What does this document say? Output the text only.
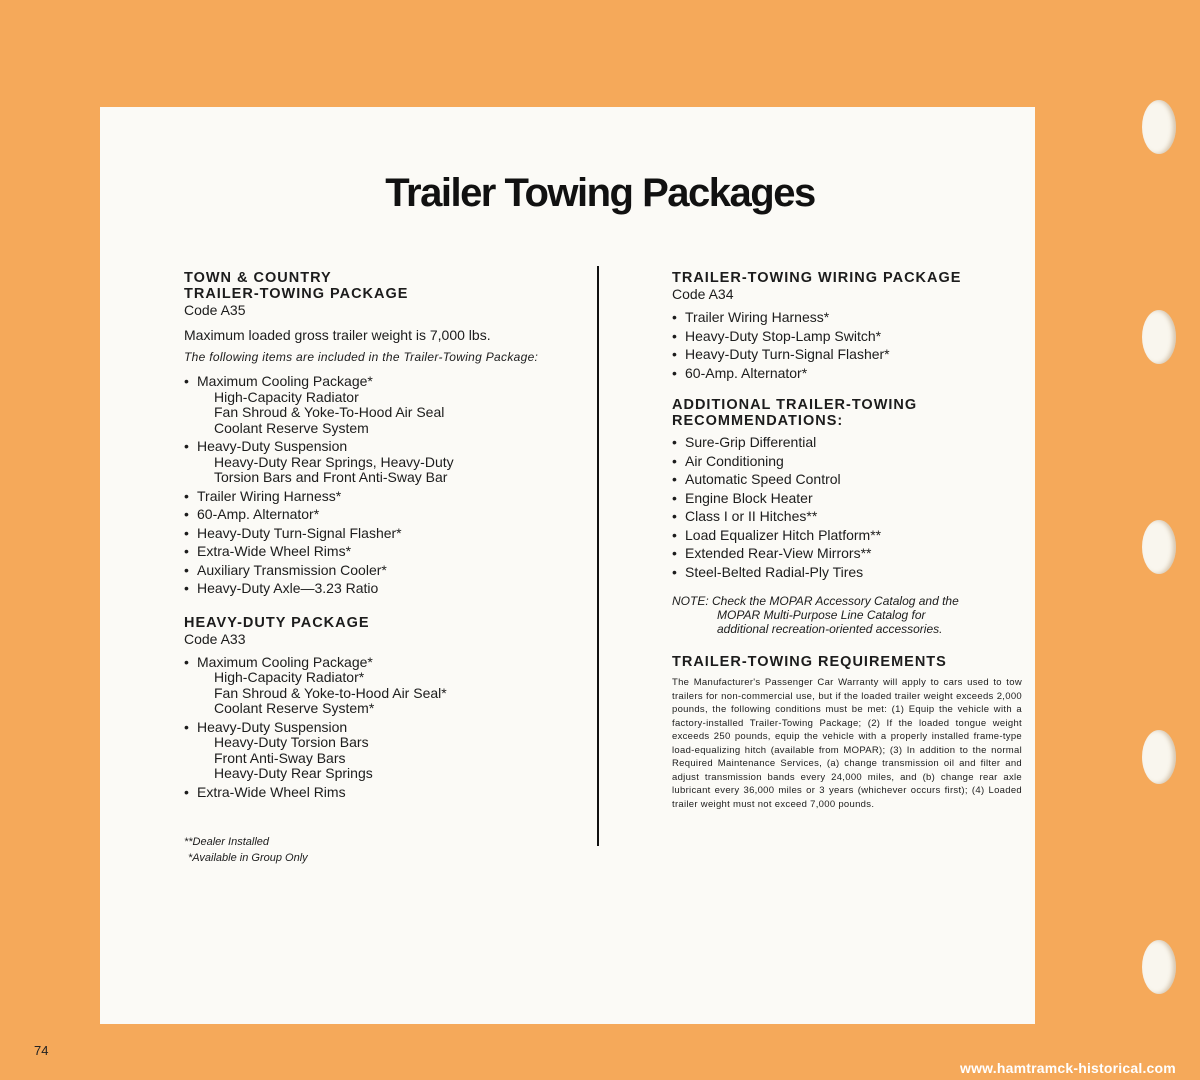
Trailer Towing Packages

TOWN & COUNTRY

TRAILER-TOWING PACKAGE

Code A35

Maximum loaded gross trailer weight is 7,000 lbs.

The following items are included in the Trailer-Towing Package:

• Maximum Cooling Package*
High-Capacity Radiator
Fan Shroud & Yoke-To-Hood Air Seal
Coolant Reserve System
• Heavy-Duty Suspension
Heavy-Duty Rear Springs, Heavy-Duty
Torsion Bars and Front Anti-Sway Bar
• Trailer Wiring Harness*
• 60-Amp. Alternator*
• Heavy-Duty Turn-Signal Flasher*
• Extra-Wide Wheel Rims*
• Auxiliary Transmission Cooler*
• Heavy-Duty Axle—3.23 Ratio

HEAVY-DUTY PACKAGE

Code A33

• Maximum Cooling Package*
High-Capacity Radiator*
Fan Shroud & Yoke-to-Hood Air Seal*
Coolant Reserve System*
• Heavy-Duty Suspension
Heavy-Duty Torsion Bars
Front Anti-Sway Bars
Heavy-Duty Rear Springs
• Extra-Wide Wheel Rims

**Dealer Installed

*Available in Group Only

TRAILER-TOWING WIRING PACKAGE

Code A34

• Trailer Wiring Harness*
• Heavy-Duty Stop-Lamp Switch*
• Heavy-Duty Turn-Signal Flasher*
• 60-Amp. Alternator*

ADDITIONAL TRAILER-TOWING

RECOMMENDATIONS:

• Sure-Grip Differential
• Air Conditioning
• Automatic Speed Control
• Engine Block Heater
• Class I or II Hitches**
• Load Equalizer Hitch Platform**
• Extended Rear-View Mirrors**
• Steel-Belted Radial-Ply Tires

NOTE: Check the MOPAR Accessory Catalog and the
MOPAR Multi-Purpose Line Catalog for
additional recreation-oriented accessories.

TRAILER-TOWING REQUIREMENTS

The Manufacturer's Passenger Car Warranty will apply to cars used to tow trailers for non-commercial use, but if the loaded trailer weight exceeds 2,000 pounds, the following conditions must be met: (1) Equip the vehicle with a factory-installed Trailer-Towing Package; (2) If the loaded tongue weight exceeds 250 pounds, equip the vehicle with a properly installed frame-type load-equalizing hitch (available from MOPAR); (3) In addition to the normal Required Maintenance Services, (a) change transmission oil and filter and adjust transmission bands every 24,000 miles, and (b) change rear axle lubricant every 36,000 miles or 3 years (whichever occurs first); (4) Loaded trailer weight must not exceed 7,000 pounds.

74
www.hamtramck-historical.com
